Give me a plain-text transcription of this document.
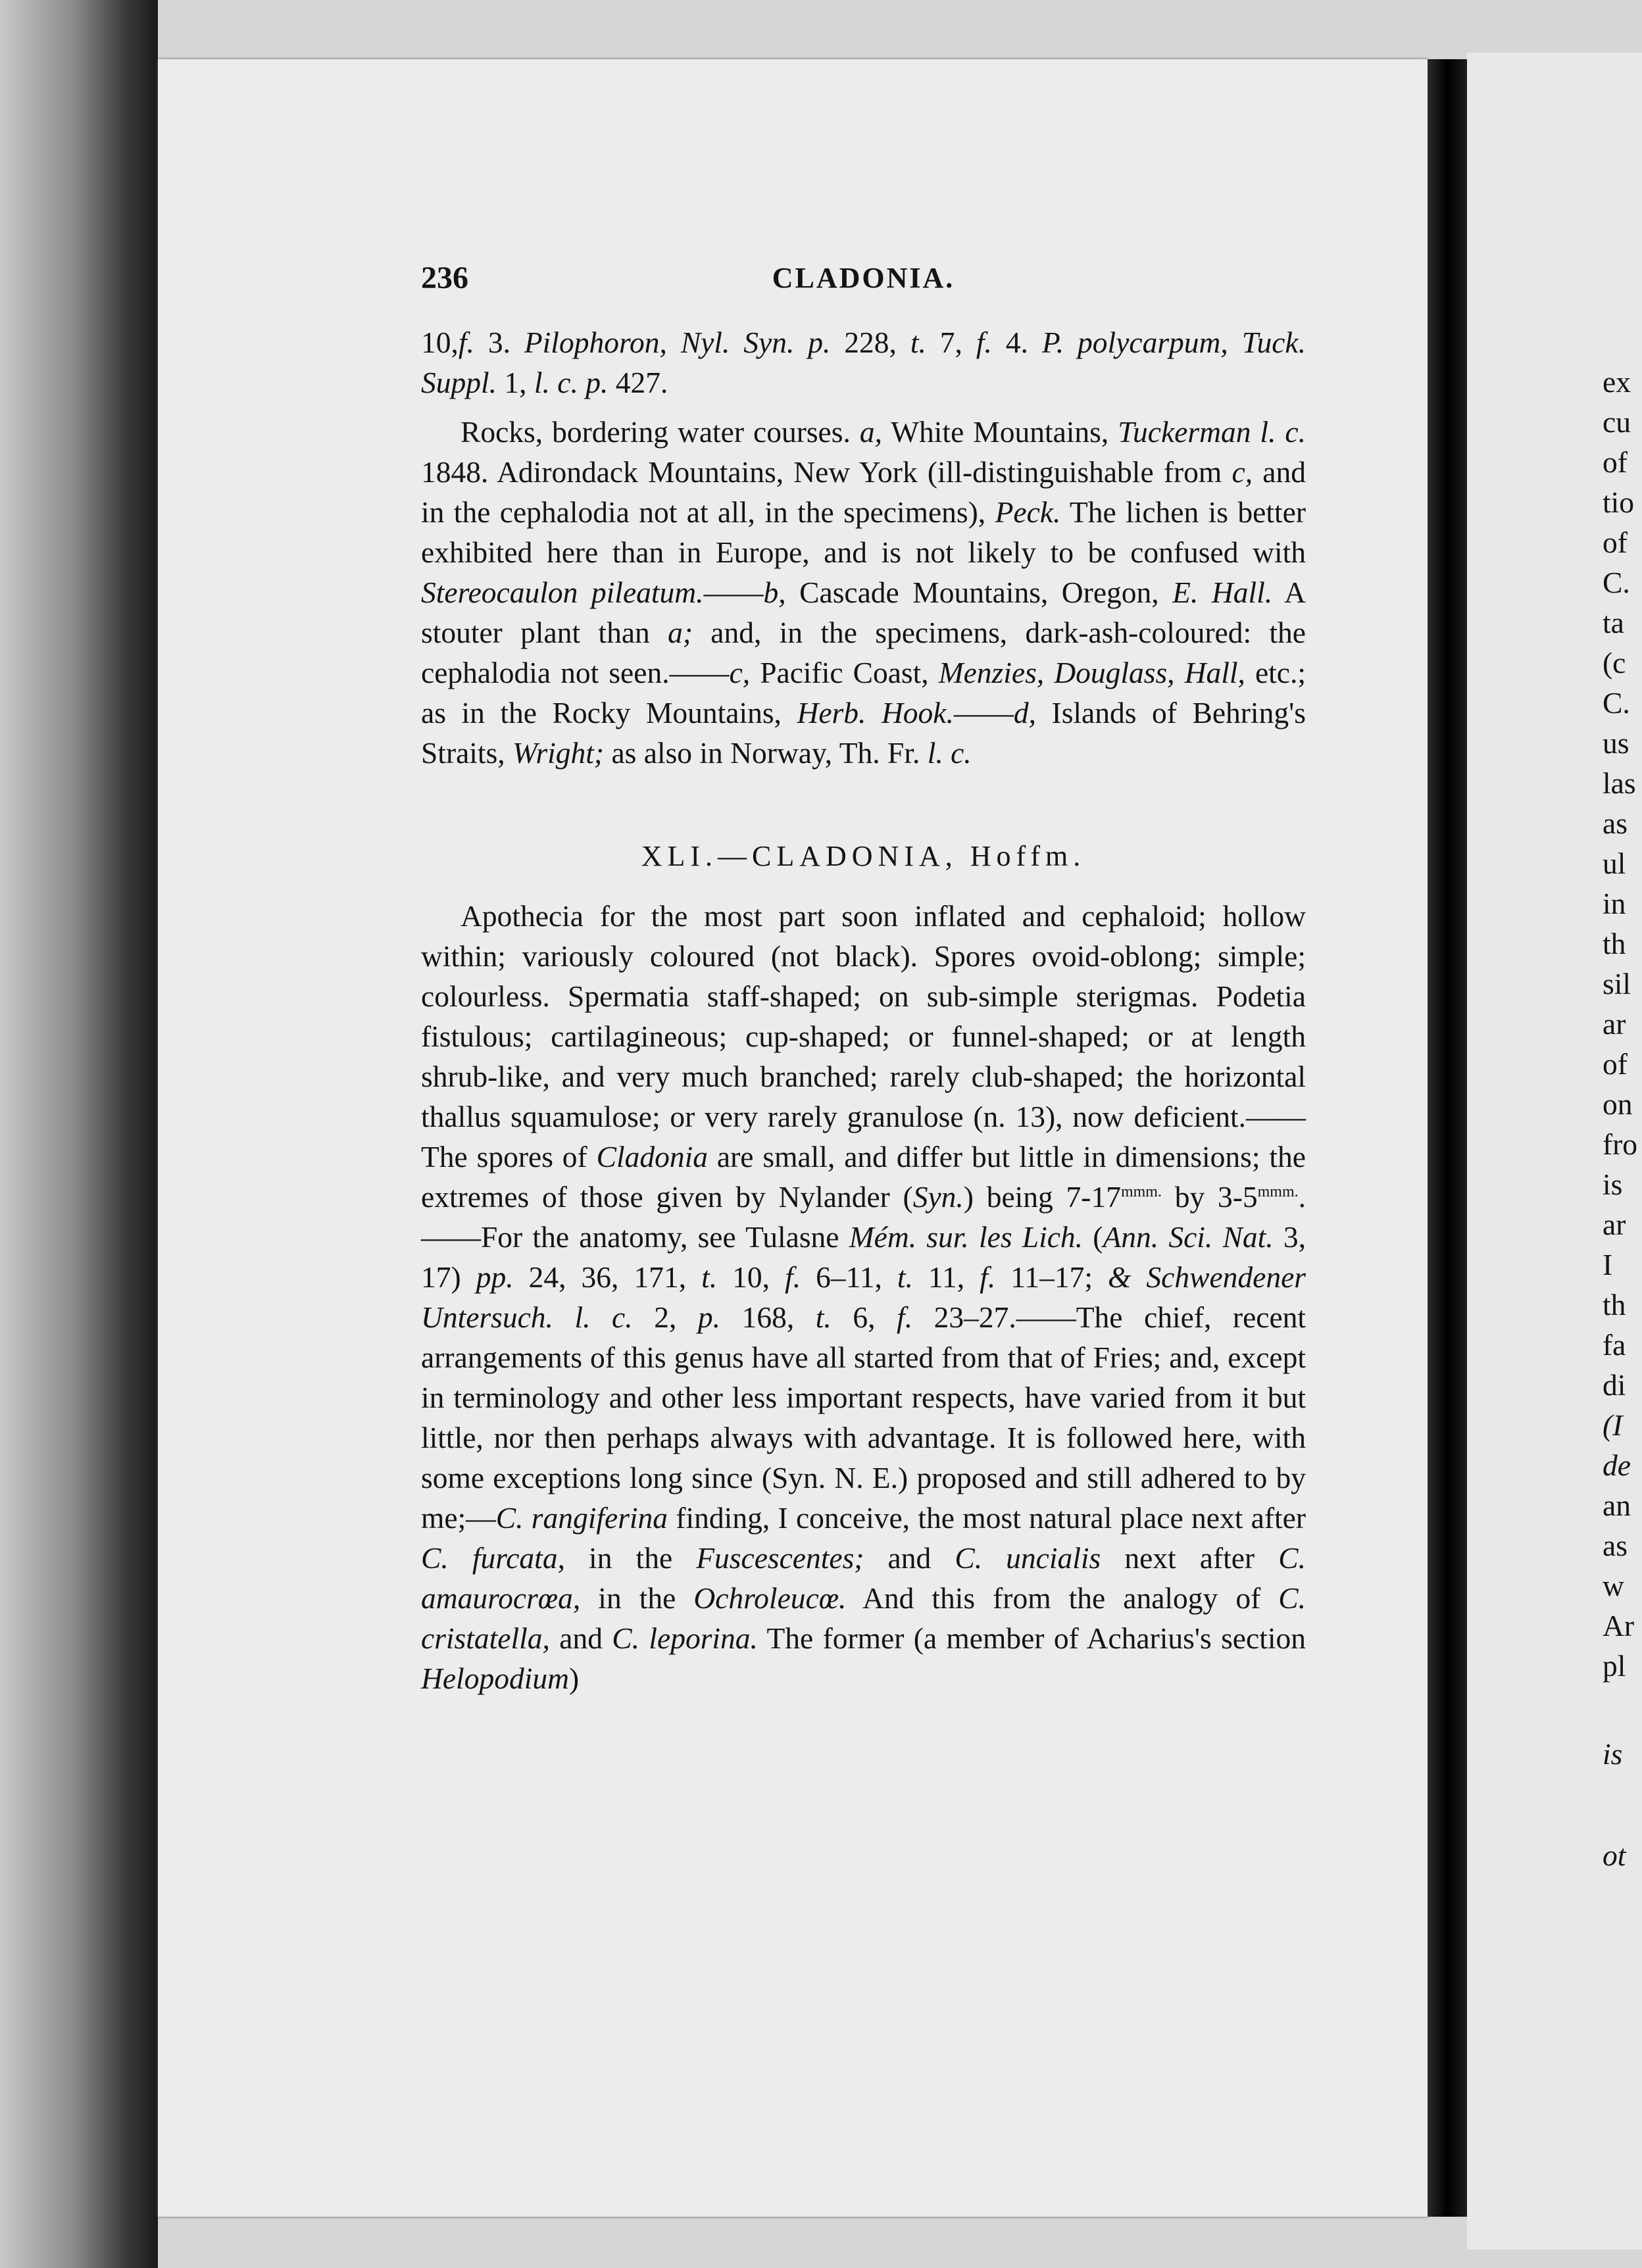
236	CLADONIA.

10,f. 3. Pilophoron, Nyl. Syn. p. 228, t. 7, f. 4. P. polycarpum, Tuck. Suppl. 1, l. c. p. 427.

Rocks, bordering water courses. a, White Mountains, Tuckerman l. c. 1848. Adirondack Mountains, New York (ill-distinguishable from c, and in the cephalodia not at all, in the specimens), Peck. The lichen is better exhibited here than in Europe, and is not likely to be confused with Stereocaulon pileatum.——b, Cascade Mountains, Oregon, E. Hall. A stouter plant than a; and, in the specimens, dark-ash-coloured: the cephalodia not seen.——c, Pacific Coast, Menzies, Douglass, Hall, etc.; as in the Rocky Mountains, Herb. Hook.——d, Islands of Behring's Straits, Wright; as also in Norway, Th. Fr. l. c.

XLI.—CLADONIA, Hoffm.

Apothecia for the most part soon inflated and cephaloid; hollow within; variously coloured (not black). Spores ovoid-oblong; simple; colourless. Spermatia staff-shaped; on sub-simple sterigmas. Podetia fistulous; cartilagineous; cup-shaped; or funnel-shaped; or at length shrub-like, and very much branched; rarely club-shaped; the horizontal thallus squamulose; or very rarely granulose (n. 13), now deficient.——The spores of Cladonia are small, and differ but little in dimensions; the extremes of those given by Nylander (Syn.) being $7-17^{mmm.}$ by $3-5^{mmm.}.——For$ the anatomy, see Tulasne Mém. sur. les Lich. (Ann. Sci. Nat. 3, 17) pp. 24, 36, 171, t. 10, f. 6–11, t. 11, f. 11–17; & Schwendener Untersuch. l. c. 2, p. 168, t. 6, f. 23–27.——The chief, recent arrangements of this genus have all started from that of Fries; and, except in terminology and other less important respects, have varied from it but little, nor then perhaps always with advantage. It is followed here, with some exceptions long since (Syn. N. E.) proposed and still adhered to by me;—C. rangiferina finding, I conceive, the most natural place next after C. furcata, in the Fuscescentes; and C. uncialis next after C. amaurocrœa, in the Ochroleucœ. And this from the analogy of C. cristatella, and C. leporina. The former (a member of Acharius's section Helopodium)

ex
cu
of
tio
of
C.
ta
(c
C.
us
las
as
ul
in
th
sil
ar
of
on
fro
is
ar
I
th
fa
di
(I
de
an
as
w
Ar
pl
is
ot
